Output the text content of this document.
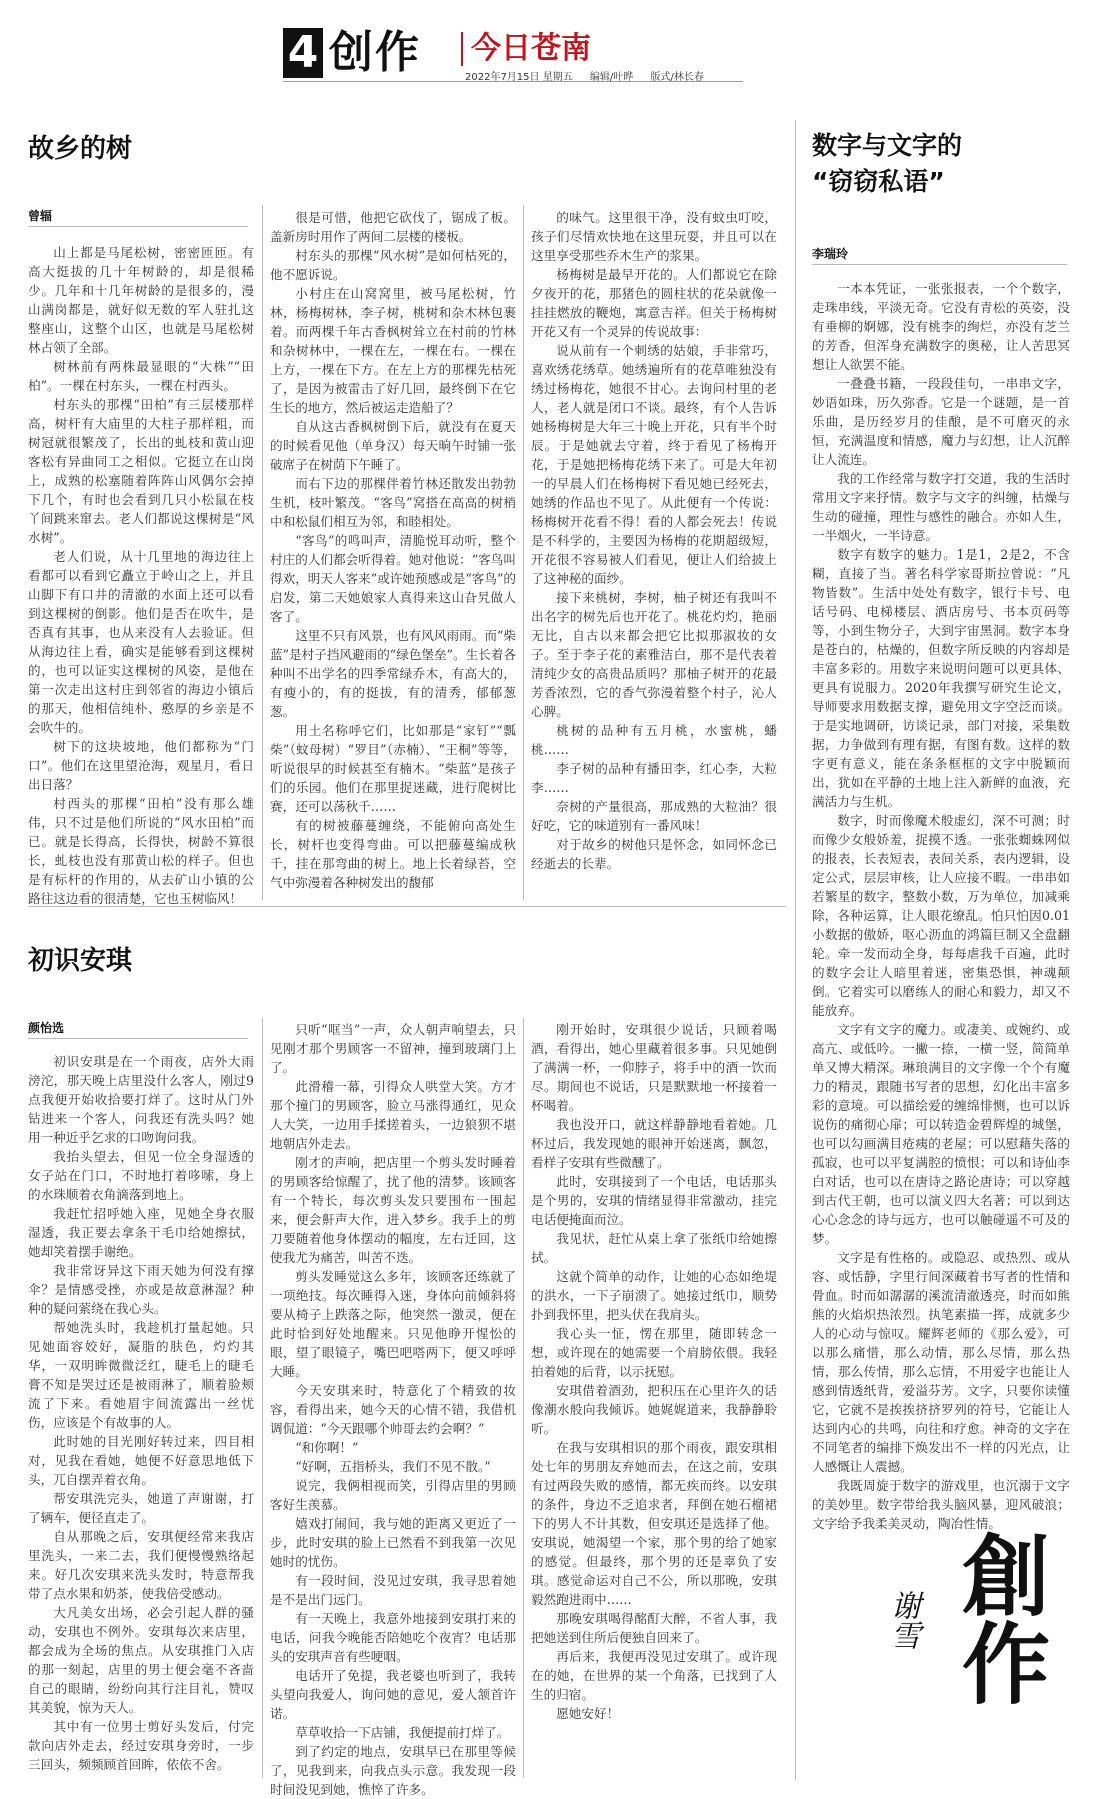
4 创作	今日苍南
2022年7月15日 星期五 编辑/叶晔 版式/林长春
故乡的树
曾辐

山上都是马尾松树，密密匝匝。有高大挺拔的几十年树龄的，却是很稀少。几年和十几年树龄的是很多的，漫山满岗都是，就好似无数的军人驻扎这整座山，这整个山区，也就是马尾松树林占领了全部。

树林前有两株最显眼的“大株”“田柏”。一棵在村东头，一棵在村西头。

村东头的那棵“田柏”有三层楼那样高，树杆有大庙里的大柱子那样粗，而树冠就很繁茂了，长出的虬枝和黄山迎客松有异曲同工之相似。它挺立在山岗上，成熟的松塞随着阵阵山风偶尔会掉下几个，有时也会看到几只小松鼠在枝丫间跳来窜去。老人们都说这棵树是“风水树”。

老人们说，从十几里地的海边往上看都可以看到它矗立于岭山之上，并且山脚下有口井的清澈的水面上还可以看到这棵树的倒影。他们是否在吹牛，是否真有其事，也从来没有人去验证。但从海边往上看，确实是能够看到这棵树的，也可以证实这棵树的风姿，是他在第一次走出这村庄到邻省的海边小镇后的那天，他相信纯朴、憨厚的乡亲是不会吹牛的。

树下的这块坡地，他们都称为“门口”。他们在这里望沧海，观星月，看日出日落？

村西头的那棵“田柏”没有那么雄伟，只不过是他们所说的“风水田柏”而已。就是长得高，长得快，树龄不算很长，虬枝也没有那黄山松的样子。但也是有标杆的作用的，从去矿山小镇的公路往这边看的很清楚，它也玉树临风！

很是可惜，他把它砍伐了，锯成了板。盖新房时用作了两间二层楼的楼板。

村东头的那棵“风水树”是如何枯死的，他不愿诉说。

小村庄在山窝窝里，被马尾松树，竹林，杨梅树林，李子树，桃树和杂木林包裹着。而两棵千年古香枫树耸立在村前的竹林和杂树林中，一棵在左，一棵在右。一棵在上方，一棵在下方。在左上方的那棵先枯死了，是因为被雷击了好几回，最终倒下在它生长的地方，然后被运走造船了？

自从这古香枫树倒下后，就没有在夏天的时候看见他（单身汉）每天晌午时铺一张破席子在树荫下午睡了。

而右下边的那棵伴着竹林还散发出勃勃生机，枝叶繁茂。“客鸟”窝搭在高高的树梢中和松鼠们相互为邻，和睦相处。

“客鸟”的鸣叫声，清脆悦耳动听，整个村庄的人们都会听得着。她对他说：“客鸟叫得欢，明天人客来”或许她预感或是“客鸟”的启发，第二天她娘家人真得来这山旮旯做人客了。

这里不只有风景，也有风风雨雨。而“柴蓝”是村子挡风避雨的“绿色堡垒”。生长着各种叫不出学名的四季常绿乔木，有高大的，有瘦小的，有的挺拔，有的清秀，郁郁葱葱。

用土名称呼它们，比如那是“家钉”“瓢柴”（蚊母树）“罗目”（赤楠）、“王桐”等等，听说很早的时候甚至有楠木。“柴蓝”是孩子们的乐园。他们在那里捉迷藏，进行爬树比赛，还可以荡秋千……

有的树被藤蔓缠绕，不能俯向高处生长，树杆也变得弯曲。可以把藤蔓编成秋千，挂在那弯曲的树上。地上长着绿苔，空气中弥漫着各种树发出的馥郁

的味气。这里很干净，没有蚊虫叮咬，孩子们尽情欢快地在这里玩耍，并且可以在这里享受那些乔木生产的浆果。

杨梅树是最早开花的。人们都说它在除夕夜开的花，那猪色的圆柱状的花朵就像一挂挂燃放的鞭炮，寓意吉祥。但关于杨梅树开花又有一个灵异的传说故事：

说从前有一个刺绣的姑娘，手非常巧，喜欢绣花绣草。她绣遍所有的花草唯独没有绣过杨梅花，她很不甘心。去询问村里的老人，老人就是闭口不谈。最终，有个人告诉她杨梅树是大年三十晚上开花，只有半个时辰。于是她就去守着，终于看见了杨梅开花，于是她把杨梅花绣下来了。可是大年初一的早晨人们在杨梅树下看见她已经死去，她绣的作品也不见了。从此便有一个传说：杨梅树开花看不得！看的人都会死去！传说是不科学的，主要因为杨梅的花期超级短，开花很不容易被人们看见，便让人们给披上了这神秘的面纱。

接下来桃树，李树，柚子树还有我叫不出名字的树先后也开花了。桃花灼灼，艳丽无比，自古以来都会把它比拟那淑妆的女子。至于李子花的素雅洁白，那不是代表着清纯少女的高贵品质吗？那柚子树开的花最芳香浓烈，它的香气弥漫着整个村子，沁人心脾。

桃树的品种有五月桃，水蜜桃，蟠桃……

李子树的品种有播田李，红心李，大粒李……

奈树的产量很高，那成熟的大粒油？很好吃，它的味道别有一番风味！

对于故乡的树他只是怀念，如同怀念已经逝去的长辈。

初识安琪
颜怡选

初识安琪是在一个雨夜，店外大雨滂沱，那天晚上店里没什么客人，刚过9点我便开始收拾要打烊了。这时从门外钻进来一个客人，问我还有洗头吗？她用一种近乎乞求的口吻询问我。

我抬头望去，但见一位全身湿透的女子站在门口，不时地打着哆嗦，身上的水珠顺着衣角滴落到地上。

我赶忙招呼她入座，见她全身衣服湿透，我正要去拿条干毛巾给她擦拭，她却笑着摆手谢绝。

我非常讶异这下雨天她为何没有撑伞？是情感受挫，亦或是故意淋湿？种种的疑问萦绕在我心头。

帮她洗头时，我趁机打量起她。只见她面容姣好，凝脂的肤色，灼灼其华，一双明眸微微泛红，睫毛上的睫毛膏不知是哭过还是被雨淋了，顺着脸颊流了下来。看她眉宇间流露出一丝忧伤，应该是个有故事的人。

此时她的目光刚好转过来，四目相对，见我在看她，她便不好意思地低下头，兀自摆弄着衣角。

帮安琪洗完头，她道了声谢谢，打了辆车，便径直走了。

自从那晚之后，安琪便经常来我店里洗头，一来二去，我们便慢慢熟络起来。好几次安琪来洗头发时，特意帮我带了点水果和奶茶，使我倍受感动。

大凡美女出场，必会引起人群的骚动，安琪也不例外。安琪每次来店里，都会成为全场的焦点。从安琪推门入店的那一刻起，店里的男士便会毫不吝啬自己的眼睛，纷纷向其行注目礼，赞叹其美貌，惊为天人。

其中有一位男士剪好头发后，付完款向店外走去，经过安琪身旁时，一步三回头，频频顾首回眸，依依不舍。

只听“哐当”一声，众人朝声响望去，只见刚才那个男顾客一不留神，撞到玻璃门上了。

此滑稽一幕，引得众人哄堂大笑。方才那个撞门的男顾客，脸立马涨得通红，见众人大笑，一边用手揉搓着头，一边狼狈不堪地朝店外走去。

刚才的声响，把店里一个剪头发时睡着的男顾客给惊醒了，扰了他的清梦。该顾客有一个特长，每次剪头发只要围布一围起来，便会鼾声大作，进入梦乡。我手上的剪刀要随着他身体摆动的幅度，左右迁回，这使我尤为痛苦，叫苦不迭。

剪头发睡觉这么多年，该顾客还练就了一项绝技。每次睡得入迷，身体向前倾斜将要从椅子上跌落之际，他突然一激灵，便在此时恰到好处地醒来。只见他睁开惺忪的眼，望了眼镜子，嘴巴吧嗒两下，便又呼呼大睡。

今天安琪来时，特意化了个精致的妆容，看得出来，她今天的心情不错，我借机调侃道：“今天跟哪个帅哥去约会啊？”

“和你啊！”

“好啊，五指桥头，我们不见不散。”

说完，我俩相视而笑，引得店里的男顾客好生羡慕。

嬉戏打闹间，我与她的距离又更近了一步，此时安琪的脸上已然看不到我第一次见她时的忧伤。

有一段时间，没见过安琪，我寻思着她是不是出门远门。

有一天晚上，我意外地接到安琪打来的电话，问我今晚能否陪她吃个夜宵？电话那头的安琪声音有些哽咽。

电话开了免提，我老婆也听到了，我转头望向我爱人，询问她的意见，爱人颔首许诺。

草草收拾一下店铺，我便提前打烊了。

到了约定的地点，安琪早已在那里等候了，见我到来，向我点头示意。我发现一段时间没见到她，憔悴了许多。

刚开始时，安琪很少说话，只顾着喝酒，看得出，她心里藏着很多事。只见她倒了满满一杯，一仰脖子，将手中的酒一饮而尽。期间也不说话，只是默默地一杯接着一杯喝着。

我也没开口，就这样静静地看着她。几杯过后，我发现她的眼神开始迷离，飘忽，看样子安琪有些微醺了。

此时，安琪接到了一个电话，电话那头是个男的，安琪的情绪显得非常激动，挂完电话便掩面而泣。

我见状，赶忙从桌上拿了张纸巾给她擦拭。

这就个简单的动作，让她的心态如绝堤的洪水，一下子崩溃了。她接过纸巾，顺势扑到我怀里，把头伏在我肩头。

我心头一怔，愣在那里，随即转念一想，或许现在的她需要一个肩膀依偎。我轻拍着她的后背，以示抚慰。

安琪借着酒劲，把积压在心里许久的话像潮水般向我倾诉。她娓娓道来，我静静聆听。

在我与安琪相识的那个雨夜，跟安琪相处七年的男朋友弃她而去，在这之前，安琪有过两段失败的感情，都无疾而终。以安琪的条件，身边不乏追求者，拜倒在她石榴裙下的男人不计其数，但安琪还是选择了他。安琪说，她渴望一个家，那个男的给了她家的感觉。但最终，那个男的还是辜负了安琪。感觉命运对自己不公，所以那晚，安琪毅然跑进雨中……

那晚安琪喝得酩酊大醉，不省人事，我把她送到住所后便独自回来了。

再后来，我便再没见过安琪了。或许现在的她，在世界的某一个角落，已找到了人生的归宿。

愿她安好！

数字与文字的
“窃窃私语”
李瑞玲

一本本凭证，一张张报表，一个个数字，走珠串线，平淡无奇。它没有青松的英姿，没有垂柳的婀娜，没有桃李的绚烂，亦没有芝兰的芳香，但浑身充满数字的奥秘，让人苦思冥想让人欲罢不能。

一叠叠书籍，一段段佳句，一串串文字，妙语如珠，历久弥香。它是一个谜题，是一首乐曲，是历经岁月的佳酿，是不可磨灭的永恒，充满温度和情感，魔力与幻想，让人沉醉让人流连。

我的工作经常与数字打交道，我的生活时常用文字来抒情。数字与文字的纠缠，枯燥与生动的碰撞，理性与感性的融合。亦如人生，一半烟火，一半诗意。

数字有数字的魅力。1是1，2是2，不含糊，直接了当。著名科学家哥斯拉曾说：“凡物皆数”。生活中处处有数字，银行卡号、电话号码、电梯楼层、酒店房号、书本页码等等，小到生物分子，大到宇宙黑洞。数字本身是苍白的，枯燥的，但数字所反映的内容却是丰富多彩的。用数字来说明问题可以更具体、更具有说服力。2020年我撰写研究生论文，导师要求用数据支撑，避免用文字空泛而谈。于是实地调研，访谈记录，部门对接，采集数据，力争做到有理有据，有图有数。这样的数字更有意义，能在条条框框的文字中脱颖而出，犹如在平静的土地上注入新鲜的血液，充满活力与生机。

数字，时而像魔术般虚幻，深不可测；时而像少女般娇羞，捉摸不透。一张张蜘蛛网似的报表，长表短表，表间关系，表内逻辑，设定公式，层层审核，让人应接不暇。一串串如若繁星的数字，整数小数，万为单位，加减乘除，各种运算，让人眼花缭乱。怕只怕因0.01小数据的傲娇，呕心沥血的鸿篇巨制又全盘翻轮。牵一发而动全身，每每虐我千百遍，此时的数字会让人暗里着迷，密集恐惧，神魂颠倒。它着实可以磨练人的耐心和毅力，却又不能放弃。

文字有文字的魔力。或凄美、或婉约、或高亢、或低吟。一撇一捺，一横一竖，简简单单又博大精深。琳琅满目的文字像一个个有魔力的精灵，跟随书写者的思想，幻化出丰富多彩的意境。可以描绘爱的缠绵悱恻，也可以诉说伤的痛彻心扉；可以转造金碧辉煌的城堡，也可以勾画满目疮痍的老屋；可以慰藉失落的孤寂，也可以平复满腔的愤恨；可以和诗仙李白对话，也可以在唐诗之路论唐诗；可以穿越到古代王朝，也可以演义四大名著；可以到达心心念念的诗与远方，也可以触碰遥不可及的梦。

文字是有性格的。或隐忍、或热烈、或从容、或恬静，字里行间深藏着书写者的性情和骨血。时而如潺潺的溪流清澈透亮，时而如熊熊的火焰炽热浓烈。执笔素描一挥，成就多少人的心动与惊叹。耀辉老师的《那么爱》，可以那么痛惜，那么动情，那么尽情，那么热情，那么传情，那么忘情，不用爱字也能让人感到情透纸背，爱溢芬芳。文字，只要你读懂它，它就不是挨挨挤挤罗列的符号，它能让人达到内心的共鸣，向往和疗愈。神奇的文字在不同笔者的编排下焕发出不一样的闪光点，让人感慨让人震撼。

我既周旋于数字的游戏里，也沉溺于文字的美妙里。数字带给我头脑风暴，迎风破浪；文字给予我柔美灵动，陶冶性情。

創作
谢雪
